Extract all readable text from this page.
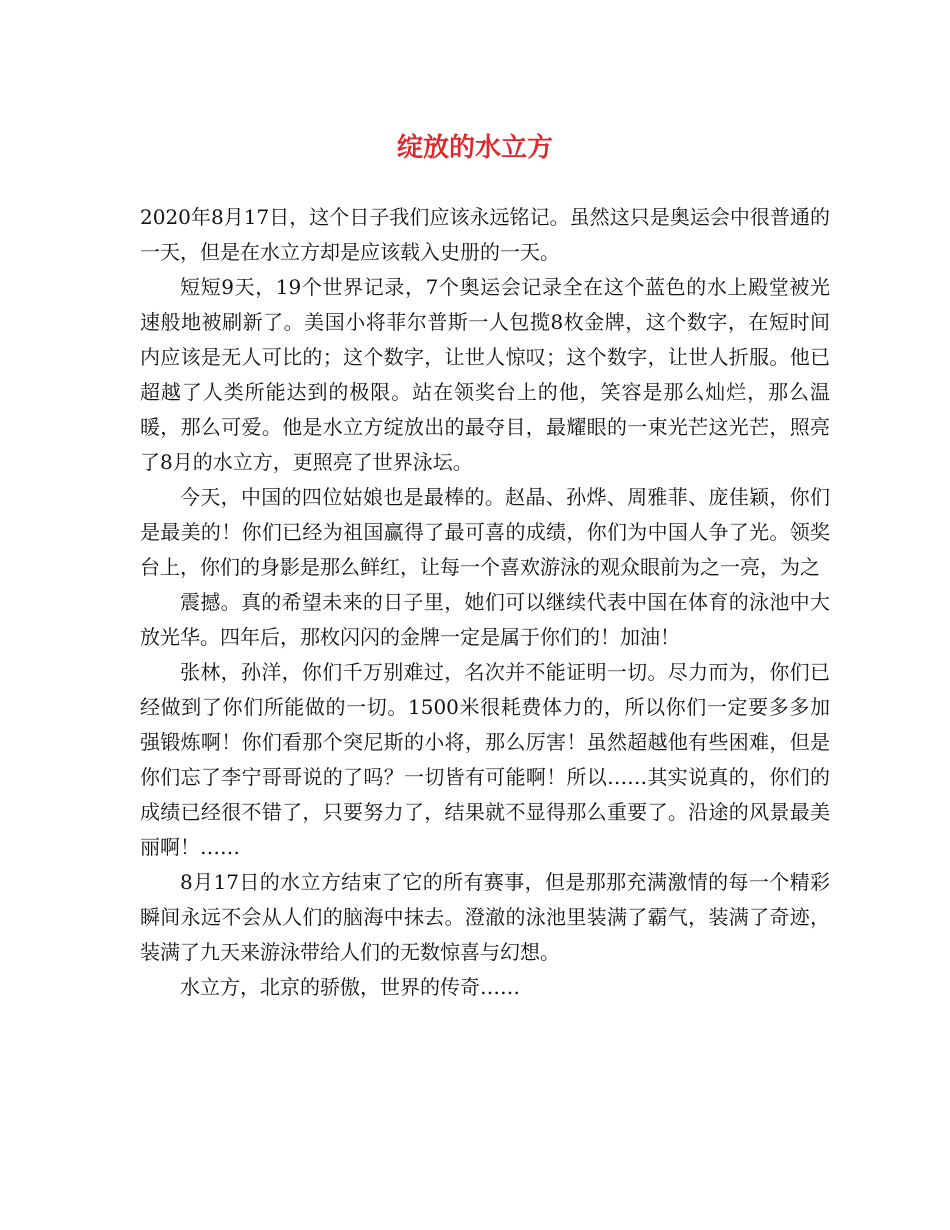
绽放的水立方

2020年8月17日，这个日子我们应该永远铭记。虽然这只是奥运会中很普通的一天，但是在水立方却是应该载入史册的一天。

短短9天，19个世界记录，7个奥运会记录全在这个蓝色的水上殿堂被光速般地被刷新了。美国小将菲尔普斯一人包揽8枚金牌，这个数字，在短时间内应该是无人可比的；这个数字，让世人惊叹；这个数字，让世人折服。他已超越了人类所能达到的极限。站在领奖台上的他，笑容是那么灿烂，那么温暖，那么可爱。他是水立方绽放出的最夺目，最耀眼的一束光芒这光芒，照亮了8月的水立方，更照亮了世界泳坛。

今天，中国的四位姑娘也是最棒的。赵晶、孙烨、周雅菲、庞佳颖，你们是最美的！你们已经为祖国赢得了最可喜的成绩，你们为中国人争了光。领奖台上，你们的身影是那么鲜红，让每一个喜欢游泳的观众眼前为之一亮，为之

震撼。真的希望未来的日子里，她们可以继续代表中国在体育的泳池中大放光华。四年后，那枚闪闪的金牌一定是属于你们的！加油！

张林，孙洋，你们千万别难过，名次并不能证明一切。尽力而为，你们已经做到了你们所能做的一切。1500米很耗费体力的，所以你们一定要多多加强锻炼啊！你们看那个突尼斯的小将，那么厉害！虽然超越他有些困难，但是你们忘了李宁哥哥说的了吗？一切皆有可能啊！所以……其实说真的，你们的成绩已经很不错了，只要努力了，结果就不显得那么重要了。沿途的风景最美丽啊！……

8月17日的水立方结束了它的所有赛事，但是那那充满激情的每一个精彩瞬间永远不会从人们的脑海中抹去。澄澈的泳池里装满了霸气，装满了奇迹，装满了九天来游泳带给人们的无数惊喜与幻想。

水立方，北京的骄傲，世界的传奇……
